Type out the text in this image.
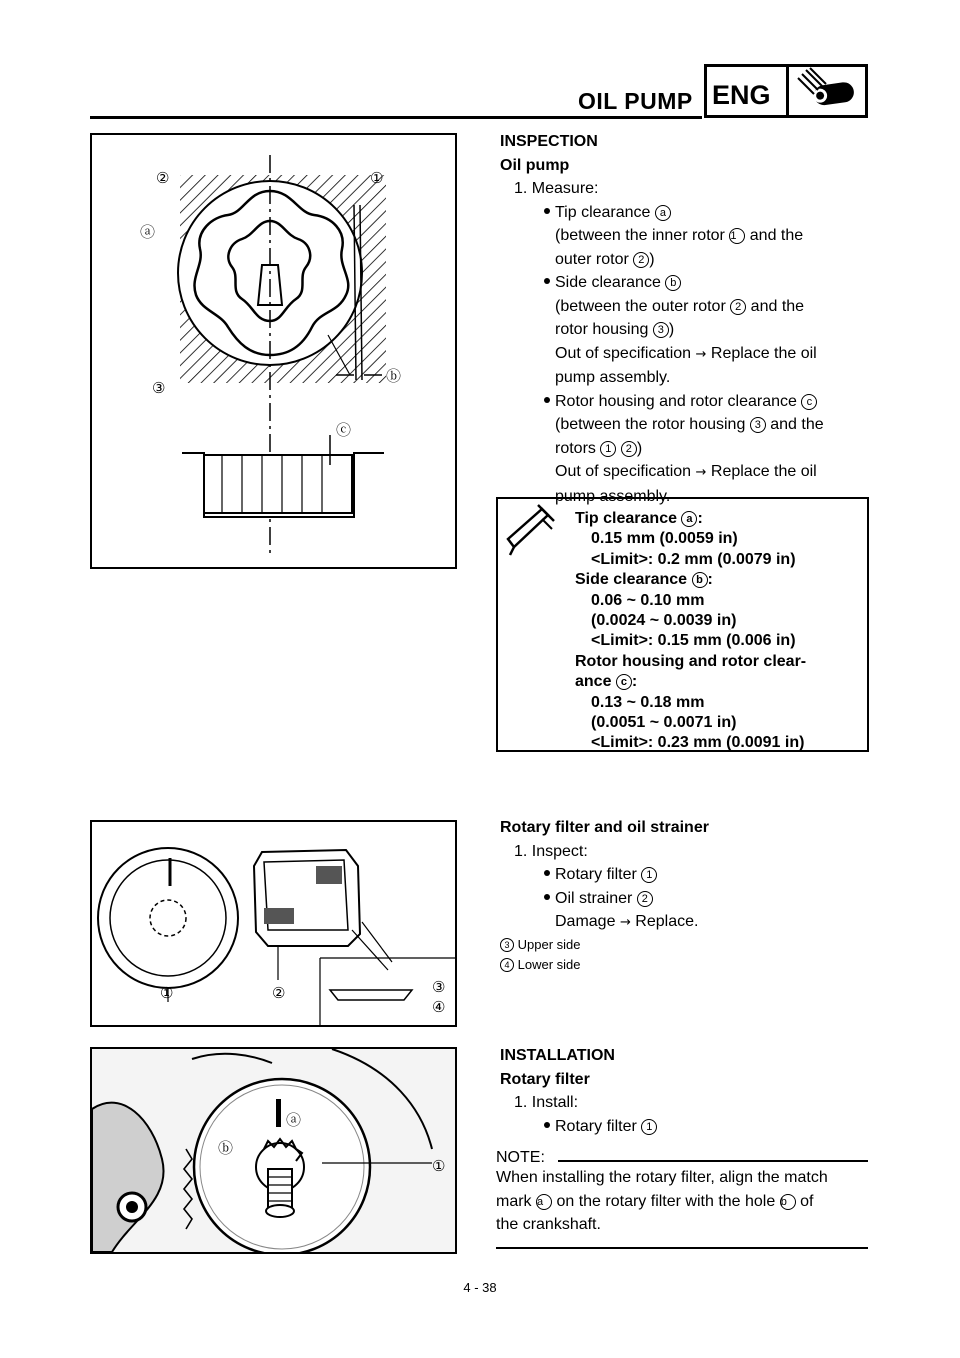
OIL PUMP ENG
①
②
ⓐ
ⓑ
③
ⓒ
INSPECTION
Oil pump
1. Measure:
Tip clearance a
(between the inner rotor 1 and the
outer rotor 2 )
Side clearance b
(between the outer rotor 2 and the
rotor housing 3 )
Out of specification → Replace the oil
pump assembly.
Rotor housing and rotor clearance c
(between the rotor housing 3 and the
rotors 1 2 )
Out of specification → Replace the oil
pump assembly.
Tip clearance a :
0.15 mm (0.0059 in)
<Limit>: 0.2 mm (0.0079 in)
Side clearance b :
0.06 ~ 0.10 mm
(0.0024 ~ 0.0039 in)
<Limit>: 0.15 mm (0.006 in)
Rotor housing and rotor clear-
ance c :
0.13 ~ 0.18 mm
(0.0051 ~ 0.0071 in)
<Limit>: 0.23 mm (0.0091 in)
①	②	③
④
Rotary filter and oil strainer
1. Inspect:
Rotary filter 1
Oil strainer 2
Damage → Replace.
3 Upper side
4 Lower side
ⓐ
ⓑ
①
INSTALLATION
Rotary filter
1. Install:
Rotary filter 1
NOTE:
When installing the rotary filter, align the match
mark a on the rotary filter with the hole b of
the crankshaft.
4 - 38
